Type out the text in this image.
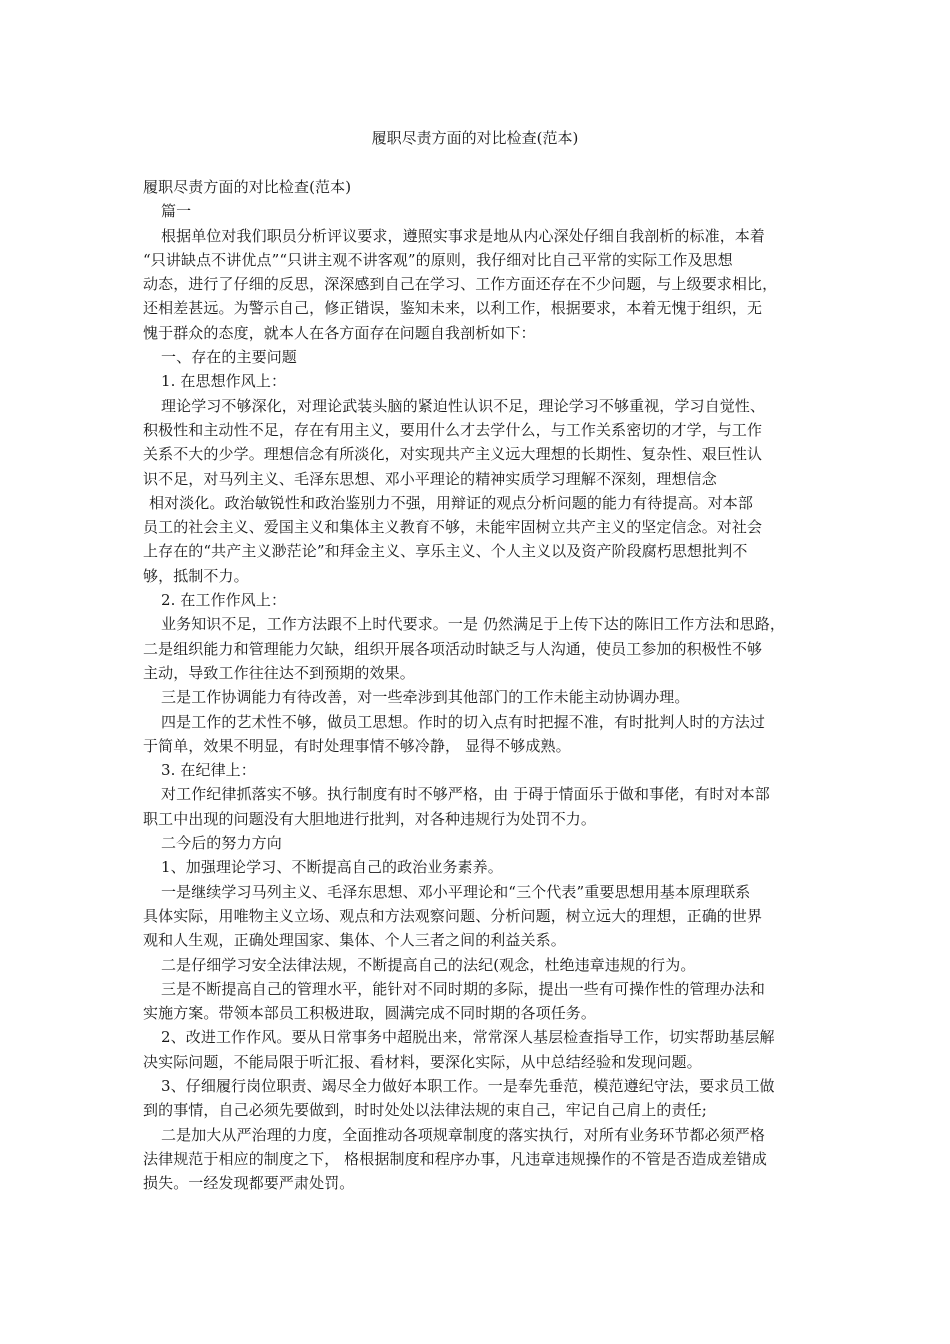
履职尽责方面的对比检查(范本)
履职尽责方面的对比检查(范本)
篇一
根据单位对我们职员分析评议要求，遵照实事求是地从内心深处仔细自我剖析的标准，本着
“只讲缺点不讲优点”“只讲主观不讲客观”的原则，我仔细对比自己平常的实际工作及思想
动态，进行了仔细的反思，深深感到自己在学习、工作方面还存在不少问题，与上级要求相比，
还相差甚远。为警示自己，修正错误，鉴知未来，以利工作，根据要求，本着无愧于组织，无
愧于群众的态度，就本人在各方面存在问题自我剖析如下：
一、存在的主要问题
1. 在思想作风上：
理论学习不够深化，对理论武装头脑的紧迫性认识不足，理论学习不够重视，学习自觉性、
积极性和主动性不足，存在有用主义，要用什么才去学什么，与工作关系密切的才学，与工作
关系不大的少学。理想信念有所淡化，对实现共产主义远大理想的长期性、复杂性、艰巨性认
识不足，对马列主义、毛泽东思想、邓小平理论的精神实质学习理解不深刻，理想信念
相对淡化。政治敏锐性和政治鉴别力不强，用辩证的观点分析问题的能力有待提高。对本部
员工的社会主义、爱国主义和集体主义教育不够，未能牢固树立共产主义的坚定信念。对社会
上存在的“共产主义渺茫论”和拜金主义、享乐主义、个人主义以及资产阶段腐朽思想批判不
够，抵制不力。
2. 在工作作风上：
业务知识不足，工作方法跟不上时代要求。一是 仍然满足于上传下达的陈旧工作方法和思路，
二是组织能力和管理能力欠缺，组织开展各项活动时缺乏与人沟通，使员工参加的积极性不够
主动，导致工作往往达不到预期的效果。
三是工作协调能力有待改善，对一些牵涉到其他部门的工作未能主动协调办理。
四是工作的艺术性不够，做员工思想。作时的切入点有时把握不准，有时批判人时的方法过
于简单，效果不明显，有时处理事情不够冷静， 显得不够成熟。
3. 在纪律上：
对工作纪律抓落实不够。执行制度有时不够严格，由 于碍于情面乐于做和事佬，有时对本部
职工中出现的问题没有大胆地进行批判，对各种违规行为处罚不力。
二今后的努力方向
1、加强理论学习、不断提高自己的政治业务素养。
一是继续学习马列主义、毛泽东思想、邓小平理论和“三个代表”重要思想用基本原理联系
具体实际，用唯物主义立场、观点和方法观察问题、分析问题，树立远大的理想，正确的世界
观和人生观，正确处理国家、集体、个人三者之间的利益关系。
二是仔细学习安全法律法规，不断提高自己的法纪(观念，杜绝违章违规的行为。
三是不断提高自己的管理水平，能针对不同时期的多际，提出一些有可操作性的管理办法和
实施方案。带领本部员工积极进取，圆满完成不同时期的各项任务。
2、改进工作作风。要从日常事务中超脱出来，常常深人基层检查指导工作，切实帮助基层解
决实际问题，不能局限于听汇报、看材料，要深化实际，从中总结经验和发现问题。
3、仔细履行岗位职责、竭尽全力做好本职工作。一是奉先垂范，模范遵纪守法，要求员工做
到的事情，自己必须先要做到，时时处处以法律法规的束自己，牢记自己肩上的责任;
二是加大从严治理的力度，全面推动各项规章制度的落实执行，对所有业务环节都必须严格
法律规范于相应的制度之下， 格根据制度和程序办事，凡违章违规操作的不管是否造成差错成
损失。一经发现都要严肃处罚。
